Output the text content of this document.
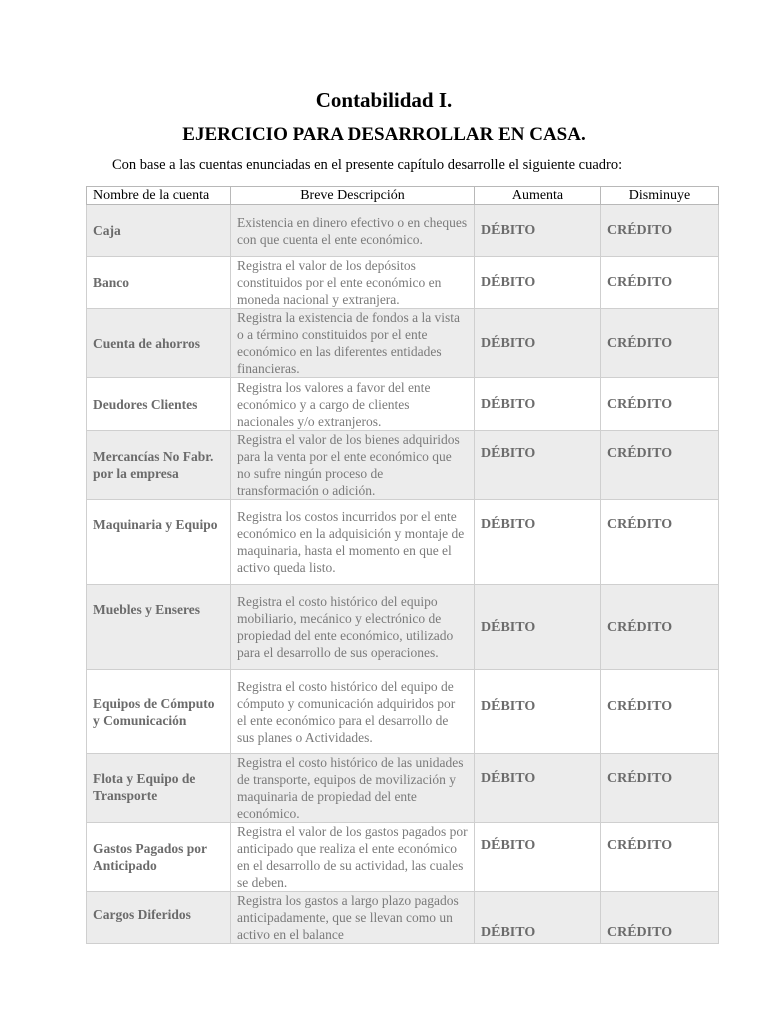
Contabilidad I.
EJERCICIO PARA DESARROLLAR EN CASA.

Con base a las cuentas enunciadas en el presente capítulo desarrolle el siguiente cuadro:

Nombre de la cuenta	Breve Descripción	Aumenta	Disminuye
Caja	Existencia en dinero efectivo o en cheques con que cuenta el ente económico.	DÉBITO	CRÉDITO
Banco	Registra el valor de los depósitos constituidos por el ente económico en moneda nacional y extranjera.	DÉBITO	CRÉDITO
Cuenta de ahorros	Registra la existencia de fondos a la vista o a término constituidos por el ente económico en las diferentes entidades financieras.	DÉBITO	CRÉDITO
Deudores Clientes	Registra los valores a favor del ente económico y a cargo de clientes nacionales y/o extranjeros.	DÉBITO	CRÉDITO
Mercancías No Fabr. por la empresa	Registra el valor de los bienes adquiridos para la venta por el ente económico que no sufre ningún proceso de transformación o adición.	DÉBITO	CRÉDITO
Maquinaria y Equipo	Registra los costos incurridos por el ente económico en la adquisición y montaje de maquinaria, hasta el momento en que el activo queda listo.	DÉBITO	CRÉDITO
Muebles y Enseres	Registra el costo histórico del equipo mobiliario, mecánico y electrónico de propiedad del ente económico, utilizado para el desarrollo de sus operaciones.	DÉBITO	CRÉDITO
Equipos de Cómputo y Comunicación	Registra el costo histórico del equipo de cómputo y comunicación adquiridos por el ente económico para el desarrollo de sus planes o Actividades.	DÉBITO	CRÉDITO
Flota y Equipo de Transporte	Registra el costo histórico de las unidades de transporte, equipos de movilización y maquinaria de propiedad del ente económico.	DÉBITO	CRÉDITO
Gastos Pagados por Anticipado	Registra el valor de los gastos pagados por anticipado que realiza el ente económico en el desarrollo de su actividad, las cuales se deben.	DÉBITO	CRÉDITO
Cargos Diferidos	Registra los gastos a largo plazo pagados anticipadamente, que se llevan como un activo en el balance	DÉBITO	CRÉDITO
